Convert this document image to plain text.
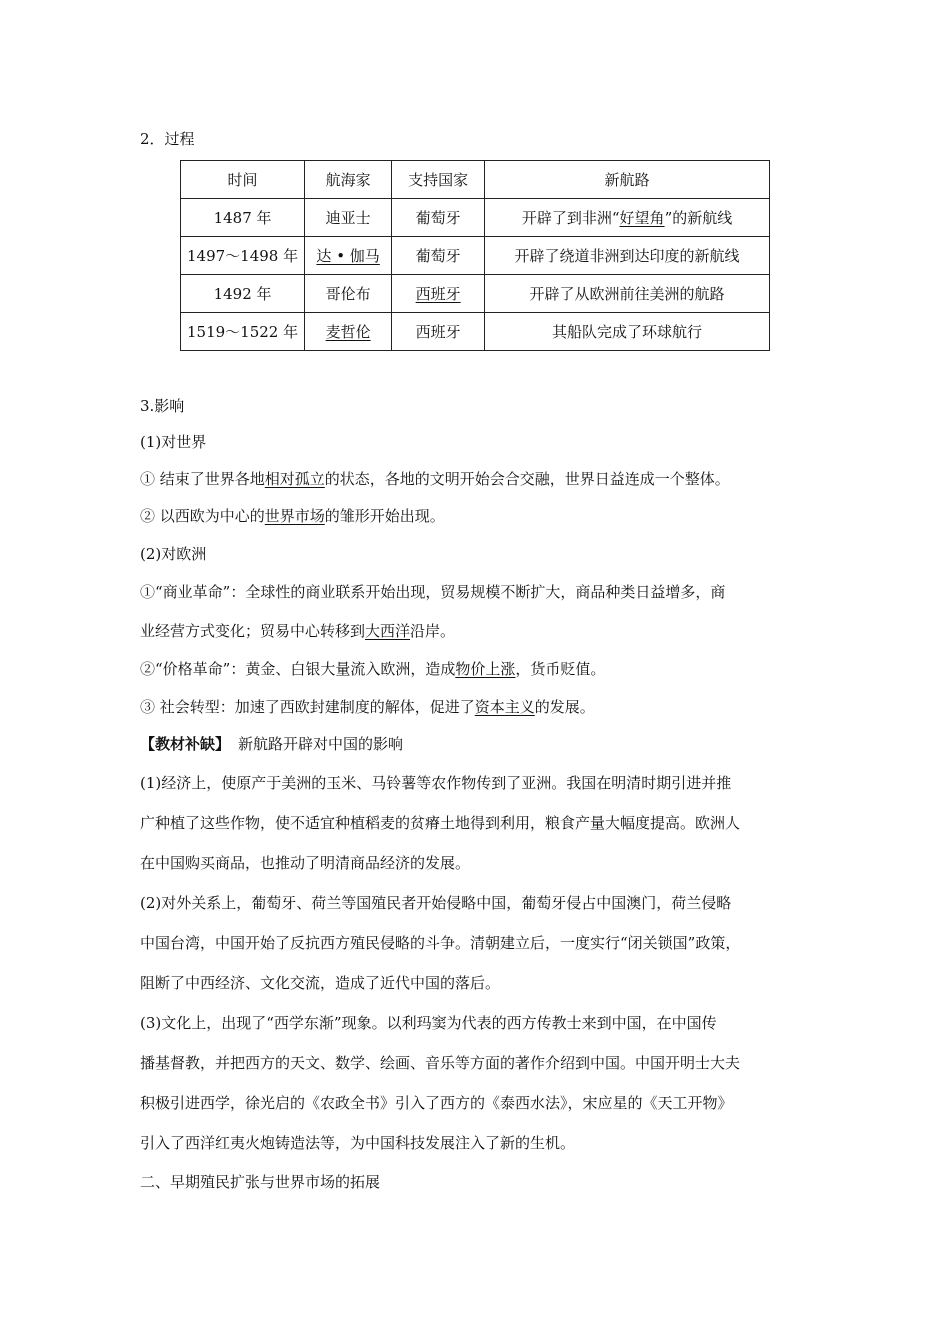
2．过程
时间	航海家	支持国家	新航路
1487 年	迪亚士	葡萄牙	开辟了到非洲“好望角”的新航线
1497～1498 年	达 • 伽马	葡萄牙	开辟了绕道非洲到达印度的新航线
1492 年	哥伦布	西班牙	开辟了从欧洲前往美洲的航路
1519～1522 年	麦哲伦	西班牙	其船队完成了环球航行
3.影响
(1)对世界
① 结束了世界各地相对孤立的状态，各地的文明开始会合交融，世界日益连成一个整体。
② 以西欧为中心的世界市场的雏形开始出现。
(2)对欧洲
①“商业革命”：全球性的商业联系开始出现，贸易规模不断扩大，商品种类日益增多，商
业经营方式变化；贸易中心转移到大西洋沿岸。
②“价格革命”：黄金、白银大量流入欧洲，造成物价上涨，货币贬值。
③ 社会转型：加速了西欧封建制度的解体，促进了资本主义的发展。
【教材补缺】 新航路开辟对中国的影响
(1)经济上，使原产于美洲的玉米、马铃薯等农作物传到了亚洲。我国在明清时期引进并推
广种植了这些作物，使不适宜种植稻麦的贫瘠土地得到利用，粮食产量大幅度提高。欧洲人
在中国购买商品，也推动了明清商品经济的发展。
(2)对外关系上，葡萄牙、荷兰等国殖民者开始侵略中国，葡萄牙侵占中国澳门，荷兰侵略
中国台湾，中国开始了反抗西方殖民侵略的斗争。清朝建立后，一度实行“闭关锁国”政策，
阻断了中西经济、文化交流，造成了近代中国的落后。
(3)文化上，出现了“西学东渐”现象。以利玛窦为代表的西方传教士来到中国，在中国传
播基督教，并把西方的天文、数学、绘画、音乐等方面的著作介绍到中国。中国开明士大夫
积极引进西学，徐光启的《农政全书》引入了西方的《泰西水法》，宋应星的《天工开物》
引入了西洋红夷火炮铸造法等，为中国科技发展注入了新的生机。
二、早期殖民扩张与世界市场的拓展
